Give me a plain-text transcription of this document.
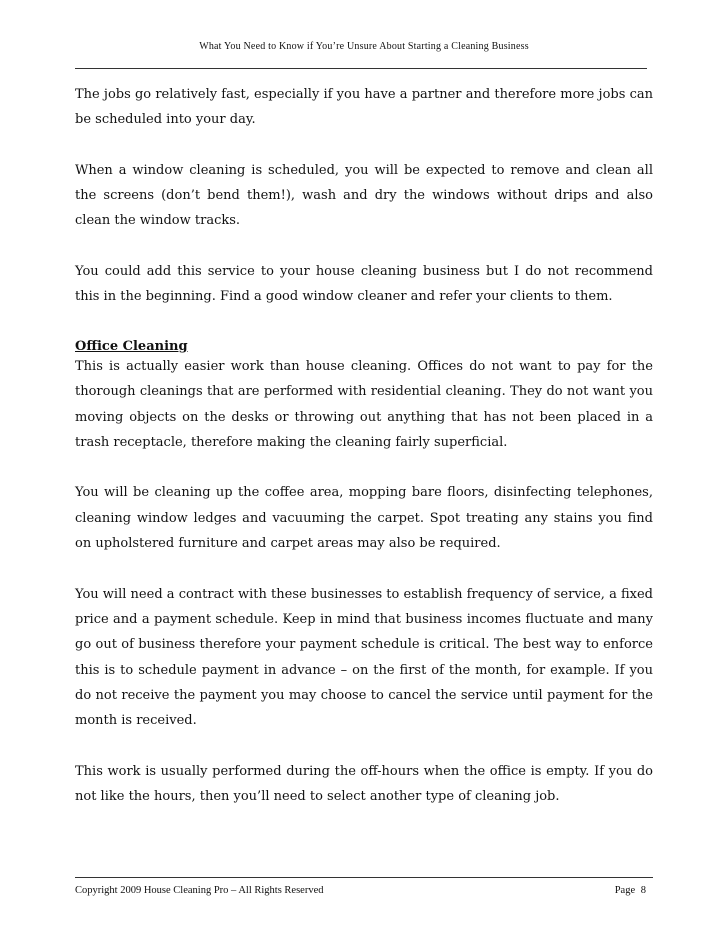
What You Need to Know if You’re Unsure About Starting a Cleaning Business

The jobs go relatively fast, especially if you have a partner and therefore more jobs can be scheduled into your day.

When a window cleaning is scheduled, you will be expected to remove and clean all the screens (don’t bend them!), wash and dry the windows without drips and also clean the window tracks.

You could add this service to your house cleaning business but I do not recommend this in the beginning. Find a good window cleaner and refer your clients to them.

Office Cleaning

This is actually easier work than house cleaning. Offices do not want to pay for the thorough cleanings that are performed with residential cleaning. They do not want you moving objects on the desks or throwing out anything that has not been placed in a trash receptacle, therefore making the cleaning fairly superficial.

You will be cleaning up the coffee area, mopping bare floors, disinfecting telephones, cleaning window ledges and vacuuming the carpet. Spot treating any stains you find on upholstered furniture and carpet areas may also be required.

You will need a contract with these businesses to establish frequency of service, a fixed price and a payment schedule. Keep in mind that business incomes fluctuate and many go out of business therefore your payment schedule is critical. The best way to enforce this is to schedule payment in advance – on the first of the month, for example. If you do not receive the payment you may choose to cancel the service until payment for the month is received.

This work is usually performed during the off-hours when the office is empty. If you do not like the hours, then you’ll need to select another type of cleaning job.

Copyright 2009 House Cleaning Pro – All Rights Reserved	Page 8
